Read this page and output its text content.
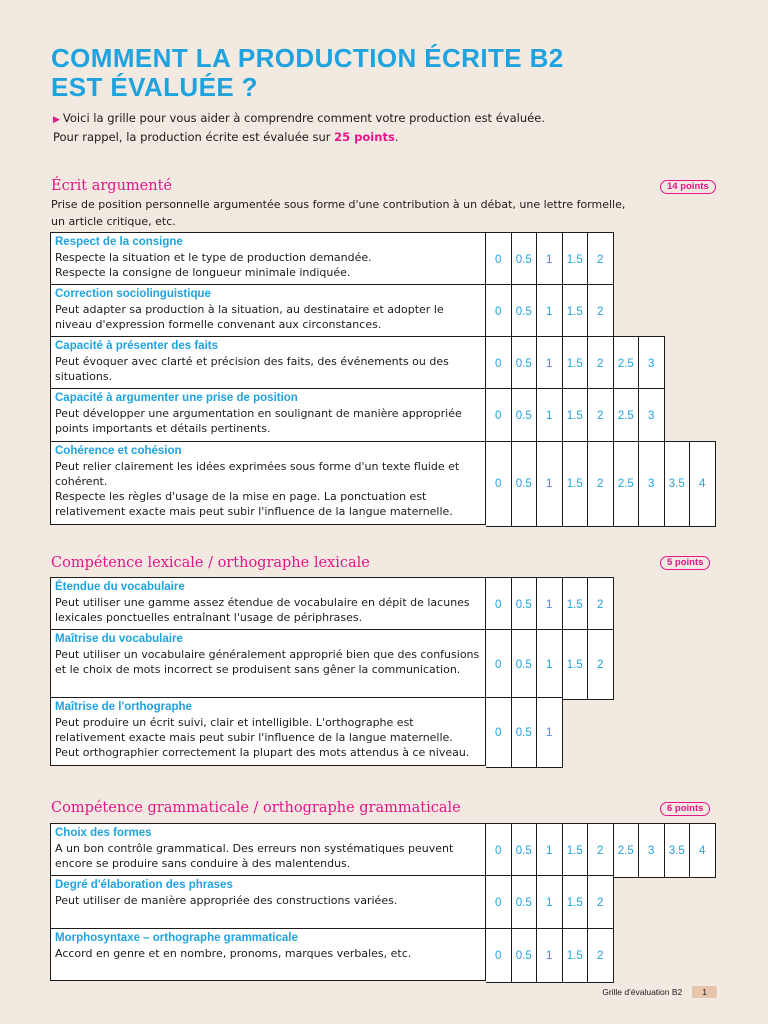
COMMENT LA PRODUCTION ÉCRITE B2
EST ÉVALUÉE ?
▶ Voici la grille pour vous aider à comprendre comment votre production est évaluée.
Pour rappel, la production écrite est évaluée sur 25 points.
Écrit argumenté	14 points
Prise de position personnelle argumentée sous forme d'une contribution à un débat, une lettre formelle, un article critique, etc.
Respect de la consigne
Respecte la situation et le type de production demandée.
Respecte la consigne de longueur minimale indiquée.
0	0.5	1	1.5	2
Correction sociolinguistique
Peut adapter sa production à la situation, au destinataire et adopter le niveau d'expression formelle convenant aux circonstances.
0	0.5	1	1.5	2
Capacité à présenter des faits
Peut évoquer avec clarté et précision des faits, des événements ou des situations.
0	0.5	1	1.5	2	2.5	3
Capacité à argumenter une prise de position
Peut développer une argumentation en soulignant de manière appropriée points importants et détails pertinents.
0	0.5	1	1.5	2	2.5	3
Cohérence et cohésion
Peut relier clairement les idées exprimées sous forme d'un texte fluide et cohérent.
Respecte les règles d'usage de la mise en page. La ponctuation est relativement exacte mais peut subir l'influence de la langue maternelle.
0	0.5	1	1.5	2	2.5	3	3.5	4
Compétence lexicale / orthographe lexicale	5 points
Étendue du vocabulaire
Peut utiliser une gamme assez étendue de vocabulaire en dépit de lacunes lexicales ponctuelles entraînant l'usage de périphrases.
0	0.5	1	1.5	2
Maîtrise du vocabulaire
Peut utiliser un vocabulaire généralement approprié bien que des confusions et le choix de mots incorrect se produisent sans gêner la communication.	0	0.5	1	1.5	2
Maîtrise de l'orthographe
Peut produire un écrit suivi, clair et intelligible. L'orthographe est relativement exacte mais peut subir l'influence de la langue maternelle.
Peut orthographier correctement la plupart des mots attendus à ce niveau.
0	0.5	1
Compétence grammaticale / orthographe grammaticale	6 points
Choix des formes
A un bon contrôle grammatical. Des erreurs non systématiques peuvent encore se produire sans conduire à des malentendus.
0	0.5	1	1.5	2	2.5	3	3.5	4
Degré d'élaboration des phrases
Peut utiliser de manière appropriée des constructions variées.	0	0.5	1	1.5	2
Morphosyntaxe – orthographe grammaticale
Accord en genre et en nombre, pronoms, marques verbales, etc.	0	0.5	1	1.5	2
Grille d'évaluation B2	1
